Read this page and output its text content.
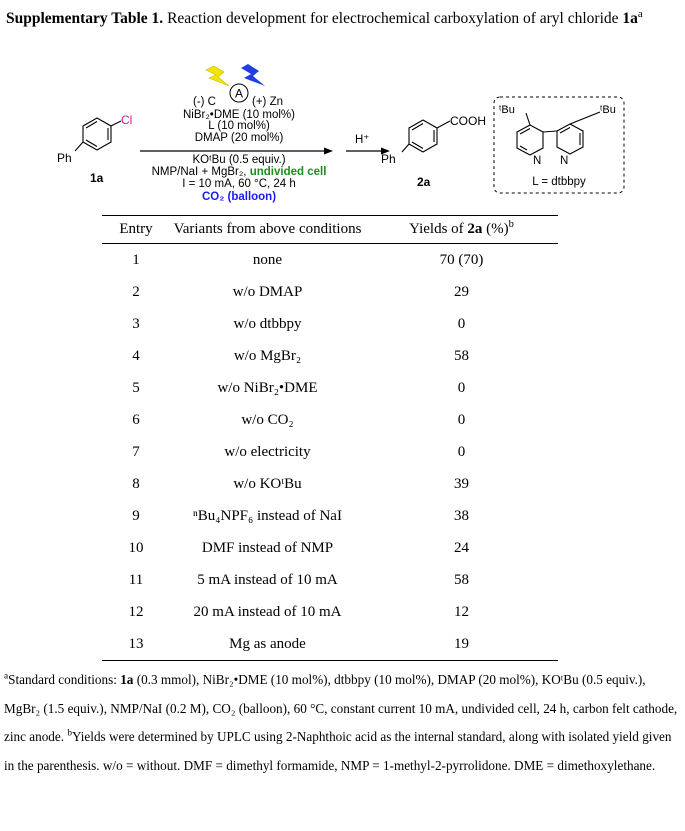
Supplementary Table 1. Reaction development for electrochemical carboxylation of aryl chloride $1a^a$
Cl
Ph
1a
A
(-) C	(+) Zn
NiBr₂•DME (10 mol%)
L (10 mol%)
DMAP (20 mol%)
KOᵗBu (0.5 equiv.)
NMP/NaI + MgBr₂, undivided cell
I = 10 mA, 60 °C, 24 h
CO₂ (balloon)
H⁺
COOH
Ph
2a
ᵗBu	ᵗBu
N N
L = dtbbpy
Entry	Variants from above conditions	Yields of 2a (%)$^b$
1	none	70 (70)
2	w/o DMAP	29
3	w/o dtbbpy	0
4	w/o MgBr₂	58
5	w/o NiBr₂•DME	0
6	w/o CO₂	0
7	w/o electricity	0
8	w/o KOᵗBu	39
9	ⁿBu₄NPF₆ instead of NaI	38
10	DMF instead of NMP	24
11	5 mA instead of 10 mA	58
12	20 mA instead of 10 mA	12
13	Mg as anode	19
$^a$Standard conditions: 1a (0.3 mmol), NiBr₂•DME (10 mol%), dtbbpy (10 mol%), DMAP (20 mol%), KOᵗBu (0.5 equiv.), MgBr₂ (1.5 equiv.), NMP/NaI (0.2 M), CO₂ (balloon), 60 °C, constant current 10 mA, undivided cell, 24 h, carbon felt cathode, zinc anode. $^b$Yields were determined by UPLC using 2-Naphthoic acid as the internal standard, along with isolated yield given in the parenthesis. w/o = without. DMF = dimethyl formamide, NMP = 1-methyl-2-pyrrolidone. DME = dimethoxylethane.
